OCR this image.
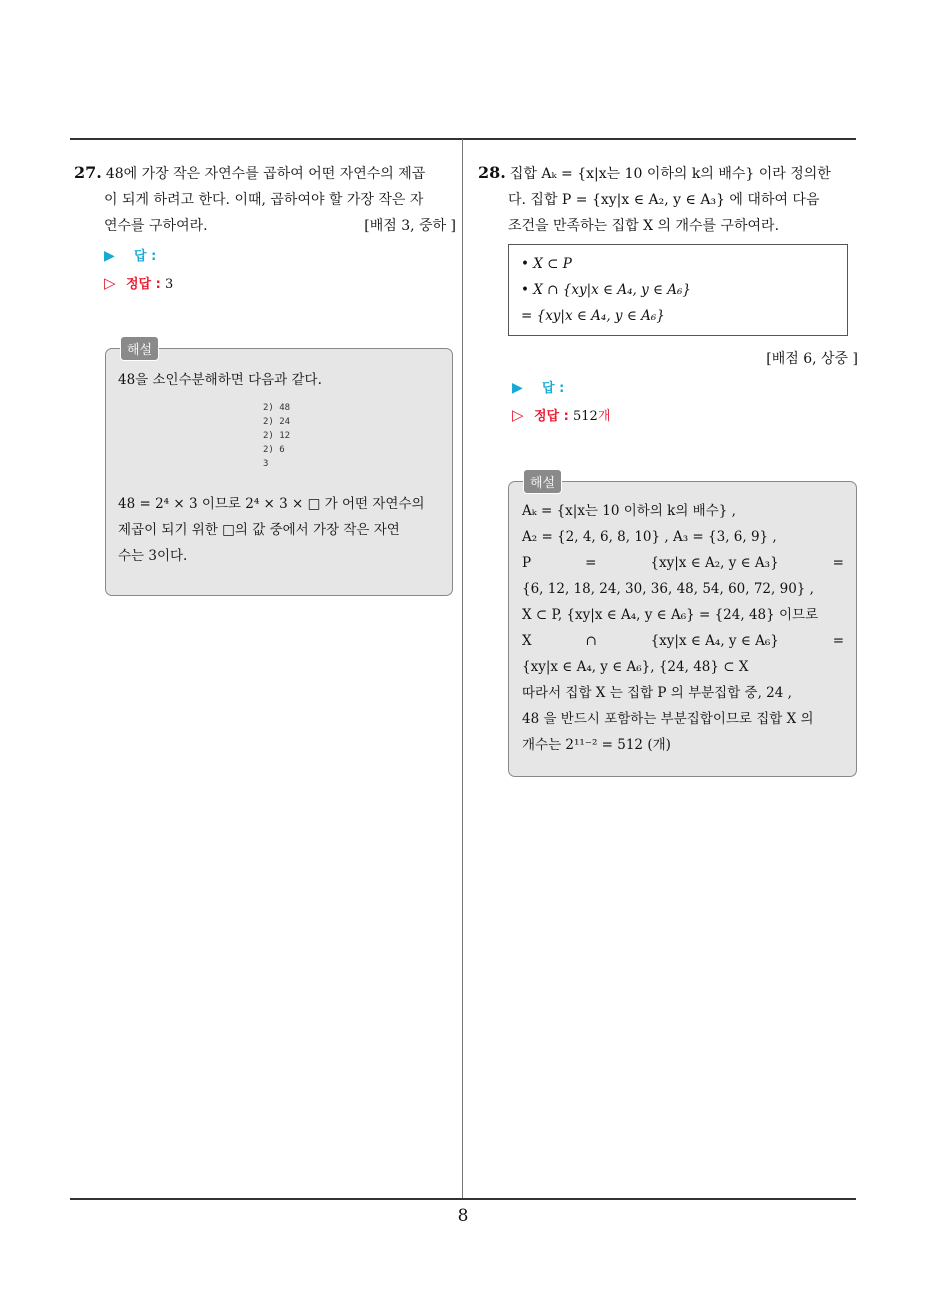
8
27. 48에 가장 작은 자연수를 곱하여 어떤 자연수의 제곱
이 되게 하려고 한다. 이때, 곱하여야 할 가장 작은 자
연수를 구하여라.	[배점 3, 중하 ]
▶ 답 :
▷ 정답 : 3
해설
48을 소인수분해하면 다음과 같다.
2) 48
2) 24
2) 12
2) 6
3
48 = 2⁴ × 3 이므로 2⁴ × 3 × □ 가 어떤 자연수의
제곱이 되기 위한 □의 값 중에서 가장 작은 자연
수는 3이다.
28. 집합 Aₖ = {x|x는 10 이하의 k의 배수} 이라 정의한
다. 집합 P = {xy|x ∈ A₂, y ∈ A₃} 에 대하여 다음
조건을 만족하는 집합 X 의 개수를 구하여라.
• X ⊂ P
• X ∩ {xy|x ∈ A₄, y ∈ A₆}
= {xy|x ∈ A₄, y ∈ A₆}
[배점 6, 상중 ]
▶ 답 :
▷ 정답 : 512개
해설
Aₖ = {x|x는 10 이하의 k의 배수} ,
A₂ = {2, 4, 6, 8, 10} , A₃ = {3, 6, 9} ,
P	=	{xy|x ∈ A₂, y ∈ A₃}	=
{6, 12, 18, 24, 30, 36, 48, 54, 60, 72, 90} ,
X ⊂ P, {xy|x ∈ A₄, y ∈ A₆} = {24, 48} 이므로
X	∩	{xy|x ∈ A₄, y ∈ A₆}	=
{xy|x ∈ A₄, y ∈ A₆}, {24, 48} ⊂ X
따라서 집합 X 는 집합 P 의 부분집합 중, 24 ,
48 을 반드시 포함하는 부분집합이므로 집합 X 의
개수는 2¹¹⁻² = 512 (개)
